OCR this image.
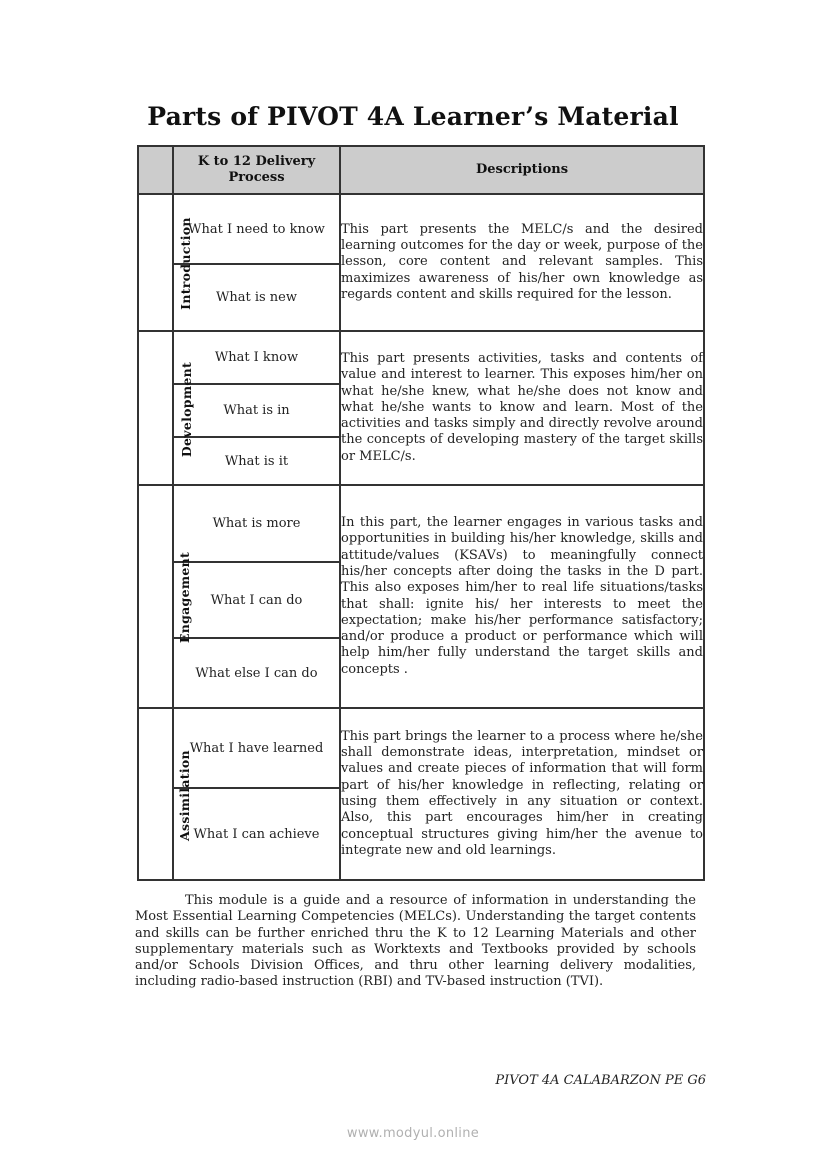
Parts of PIVOT 4A Learner’s Material
	K to 12 Delivery Process	Descriptions
Introduction	What I need to know	This part presents the MELC/s and the desired learning outcomes for the day or week, purpose of the lesson, core content and relevant samples. This maximizes awareness of his/her own knowledge as regards content and skills required for the lesson.

	What is new	
Development	What I know	This part presents activities, tasks and contents of value and interest to learner. This exposes him/her on what he/she knew, what he/she does not know and what he/she wants to know and learn. Most of the activities and tasks simply and directly revolve around the concepts of developing mastery of the target skills or MELC/s.

	What is in	
	What is it	
Engagement	What is more	In this part, the learner engages in various tasks and opportunities in building his/her knowledge, skills and attitude/values (KSAVs) to meaningfully connect his/her concepts after doing the tasks in the D part. This also exposes him/her to real life situations/tasks that shall: ignite his/ her interests to meet the expectation; make his/her performance satisfactory; and/or produce a product or performance which will help him/her fully understand the target skills and concepts .

	What I can do	
	What else I can do	
Assimilation	What I have learned	This part brings the learner to a process where he/she shall demonstrate ideas, interpretation, mindset or values and create pieces of information that will form part of his/her knowledge in reflecting, relating or using them effectively in any situation or context. Also, this part encourages him/her in creating conceptual structures giving him/her the avenue to integrate new and old learnings.

	What I can achieve	
This module is a guide and a resource of information in understanding the Most Essential Learning Competencies (MELCs). Understanding the target contents and skills can be further enriched thru the K to 12 Learning Materials and other supplementary materials such as Worktexts and Textbooks provided by schools and/or Schools Division Offices, and thru other learning delivery modalities, including radio-based instruction (RBI) and TV-based instruction (TVI).
PIVOT 4A CALABARZON PE G6
www.modyul.online
